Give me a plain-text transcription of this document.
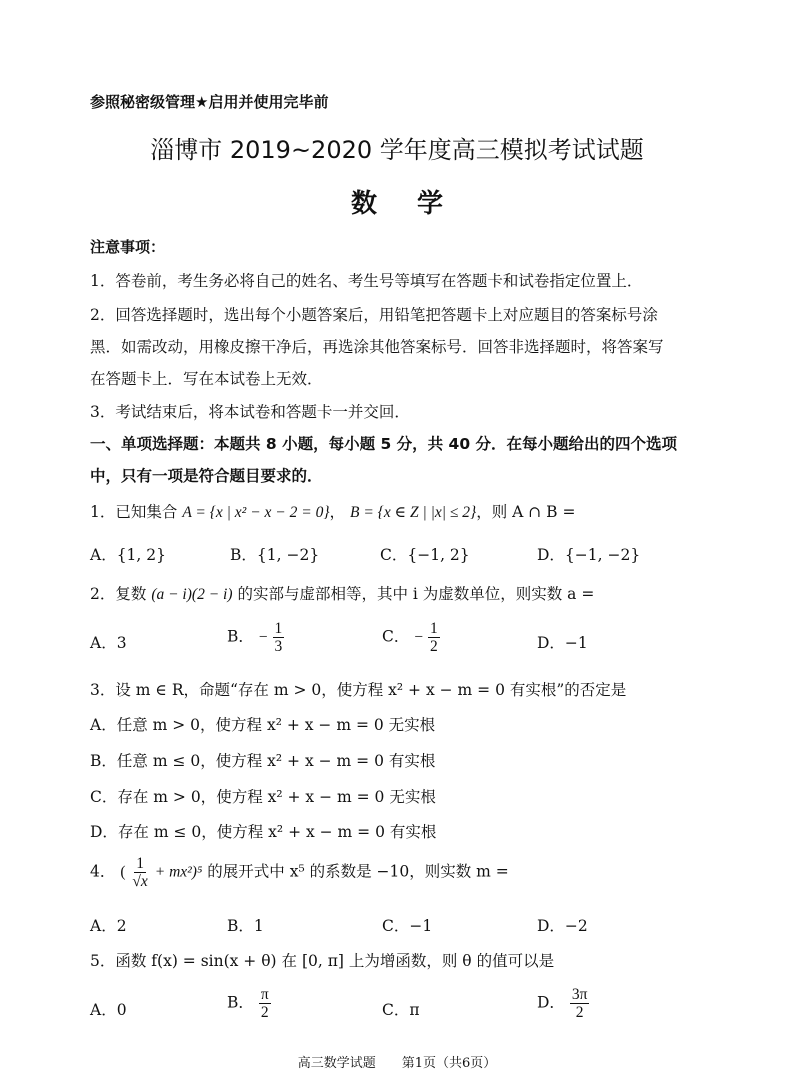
参照秘密级管理★启用并使用完毕前
淄博市 2019~2020 学年度高三模拟考试试题
数学
注意事项：
1．答卷前，考生务必将自己的姓名、考生号等填写在答题卡和试卷指定位置上．
2．回答选择题时，选出每个小题答案后，用铅笔把答题卡上对应题目的答案标号涂
黑．如需改动，用橡皮擦干净后，再选涂其他答案标号．回答非选择题时，将答案写
在答题卡上．写在本试卷上无效．
3．考试结束后，将本试卷和答题卡一并交回．
一、单项选择题：本题共 8 小题，每小题 5 分，共 40 分．在每小题给出的四个选项
中，只有一项是符合题目要求的．
1．已知集合 A = {x | x² − x − 2 = 0}， B = {x ∈ Z | |x| ≤ 2}，则 A ∩ B =
A．{1, 2}	B．{1, −2}	C．{−1, 2}	D．{−1, −2}
2．复数 (a − i)(2 − i) 的实部与虚部相等，其中 i 为虚数单位，则实数 a =
A．3	B． − $\frac{1}{3}$	C． − $\frac{1}{2}$	D．−1
3．设 m ∈ R，命题“存在 m > 0，使方程 x² + x − m = 0 有实根”的否定是
A．任意 m > 0，使方程 x² + x − m = 0 无实根
B．任意 m ≤ 0，使方程 x² + x − m = 0 有实根
C．存在 m > 0，使方程 x² + x − m = 0 无实根
D．存在 m ≤ 0，使方程 x² + x − m = 0 有实根
4． ( $\frac{1}{√x} + mx^2)^5$ 的展开式中 x⁵ 的系数是 −10，则实数 m =
A．2	B．1	C．−1	D．−2
5．函数 f(x) = sin(x + θ) 在 [0, π] 上为增函数，则 θ 的值可以是
A．0	B． $\frac{\pi}{2}$	C．π	D． $\frac{3\pi}{2}$
高三数学试题　　第1页（共6页）
